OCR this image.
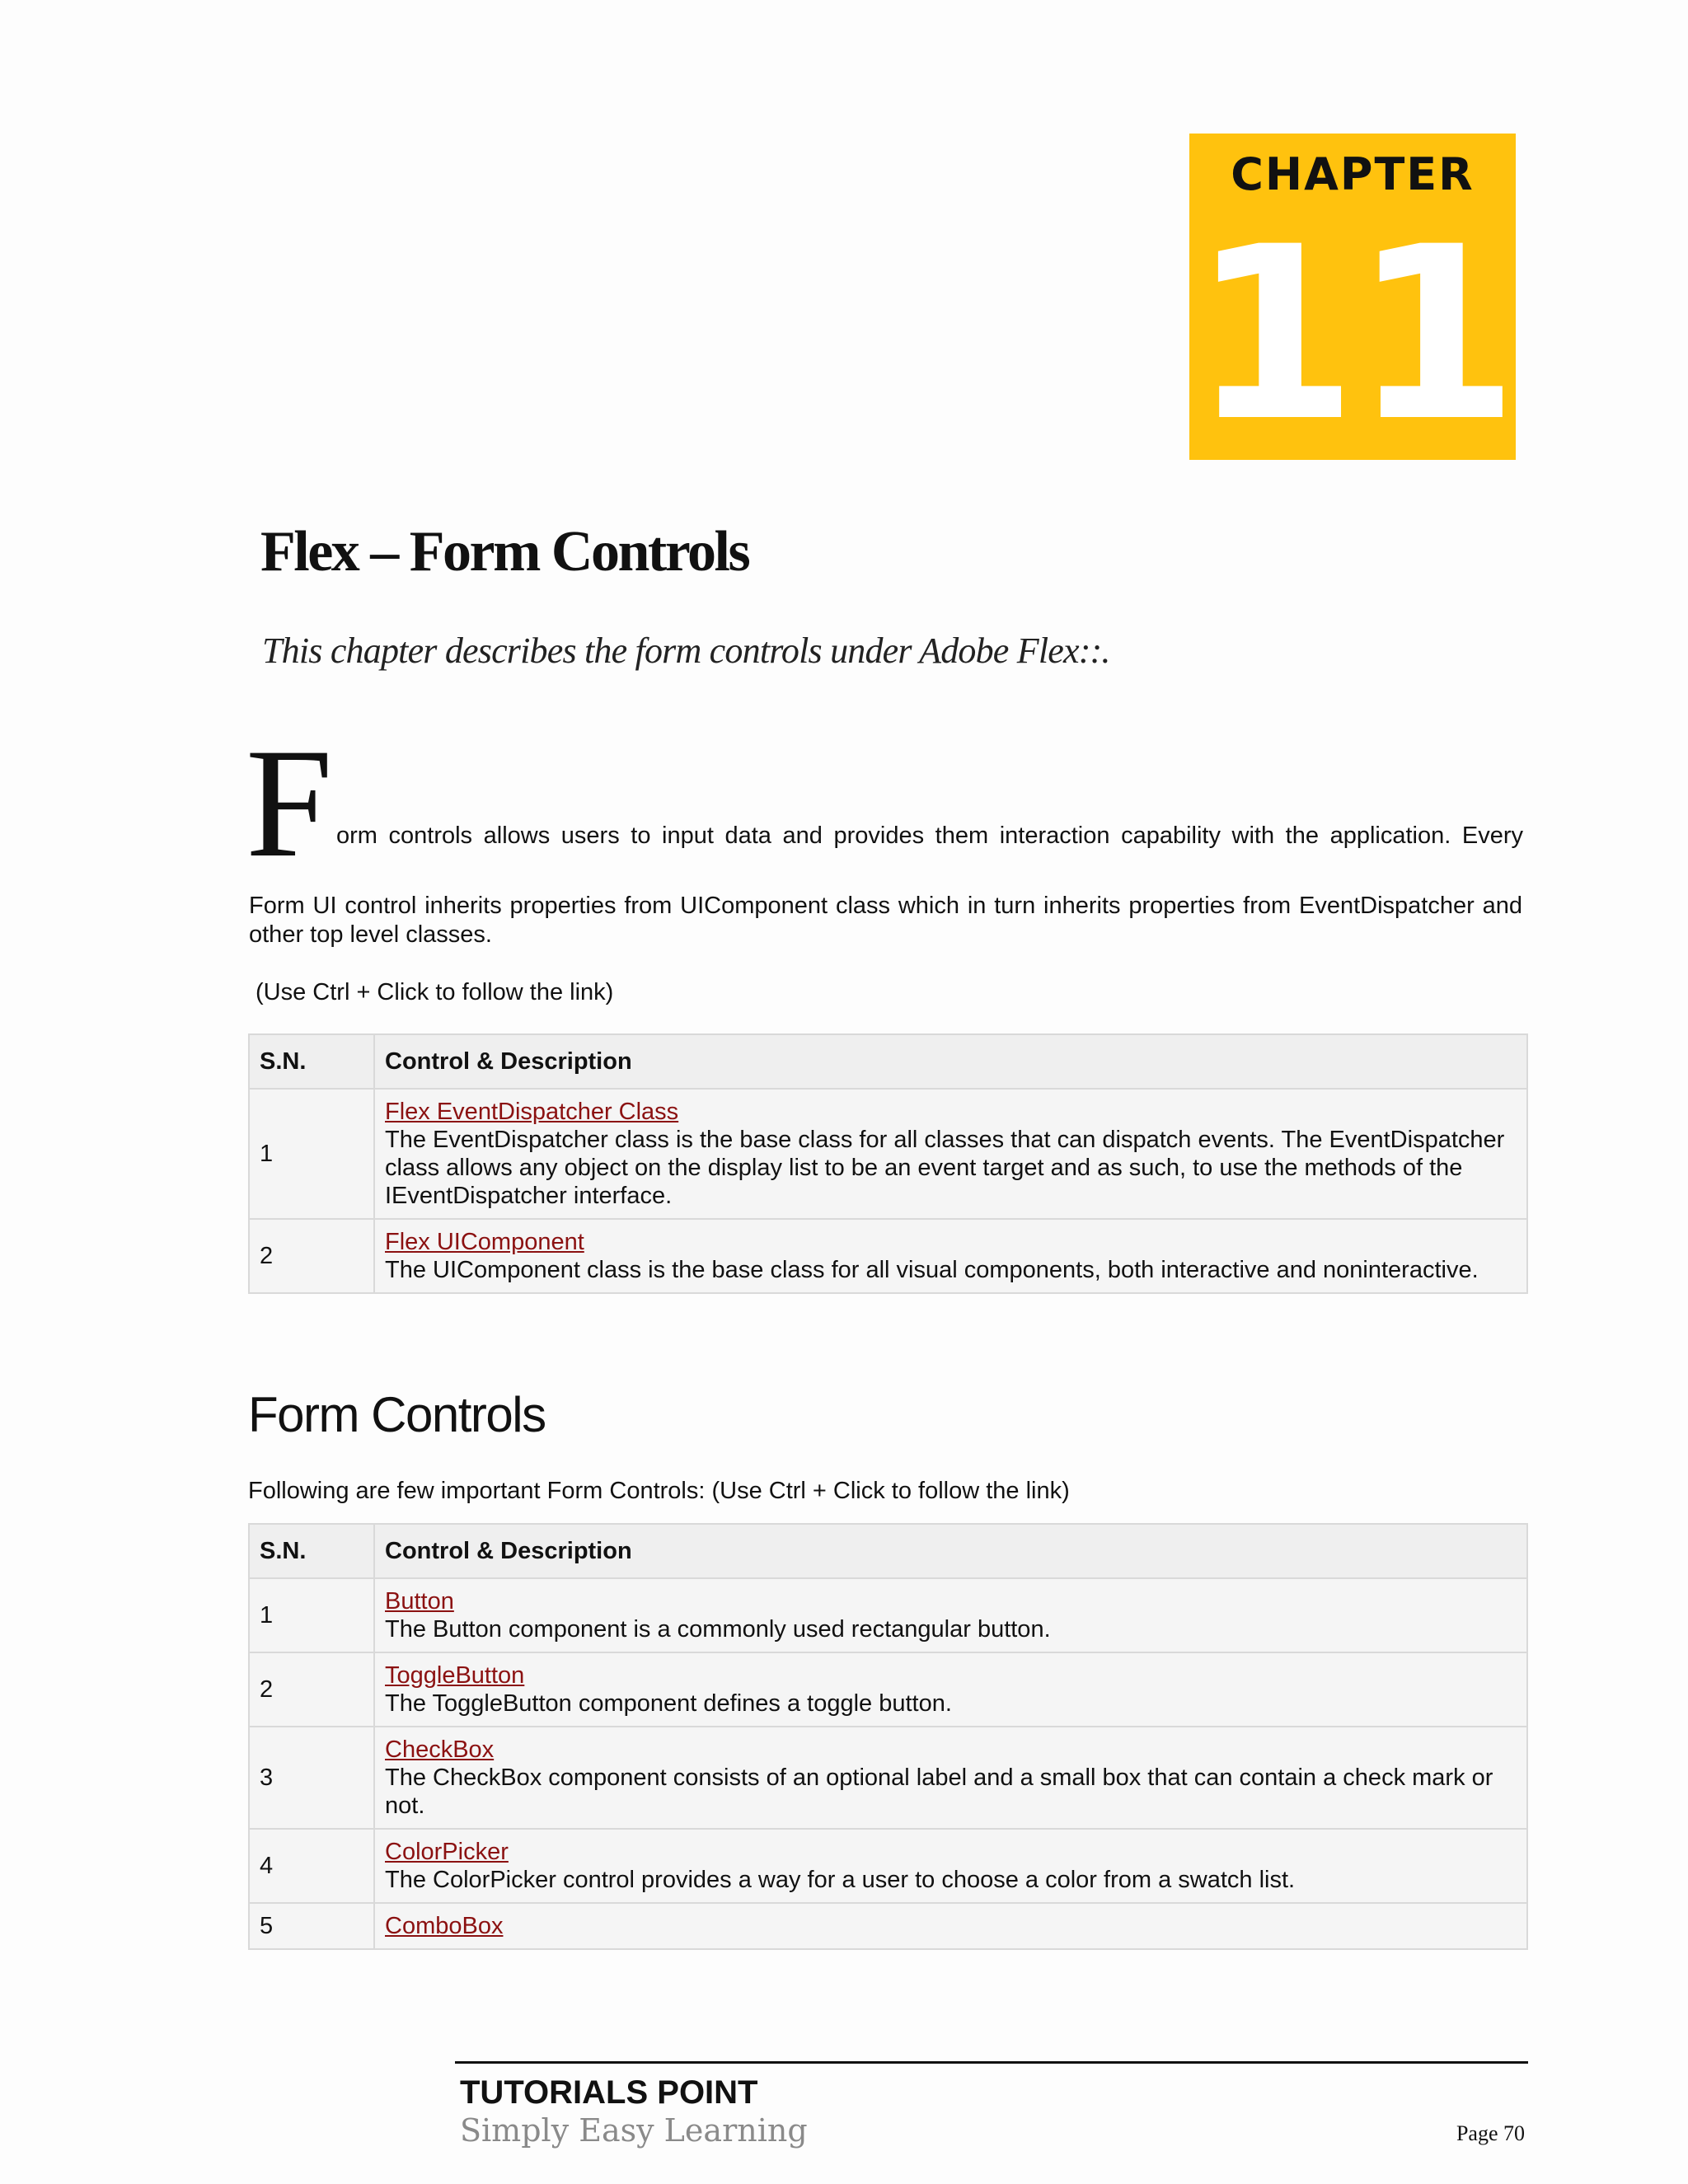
CHAPTER
11
Flex – Form Controls
This chapter describes the form controls under Adobe Flex::.
F orm controls allows users to input data and provides them interaction capability with the application. Every
Form UI control inherits properties from UIComponent class which in turn inherits properties from EventDispatcher and other top level classes.
(Use Ctrl + Click to follow the link)
S.N.	Control & Description
1	Flex EventDispatcher Class
The EventDispatcher class is the base class for all classes that can dispatch events. The EventDispatcher class allows any object on the display list to be an event target and as such, to use the methods of the IEventDispatcher interface.

2	Flex UIComponent
The UIComponent class is the base class for all visual components, both interactive and noninteractive.
Form Controls
Following are few important Form Controls: (Use Ctrl + Click to follow the link)
S.N.	Control & Description
1	Button
The Button component is a commonly used rectangular button.

2	ToggleButton
The ToggleButton component defines a toggle button.

3	CheckBox
The CheckBox component consists of an optional label and a small box that can contain a check mark or not.

4	ColorPicker
The ColorPicker control provides a way for a user to choose a color from a swatch list.

5	ComboBox
TUTORIALS POINT
Simply Easy Learning	Page 70
